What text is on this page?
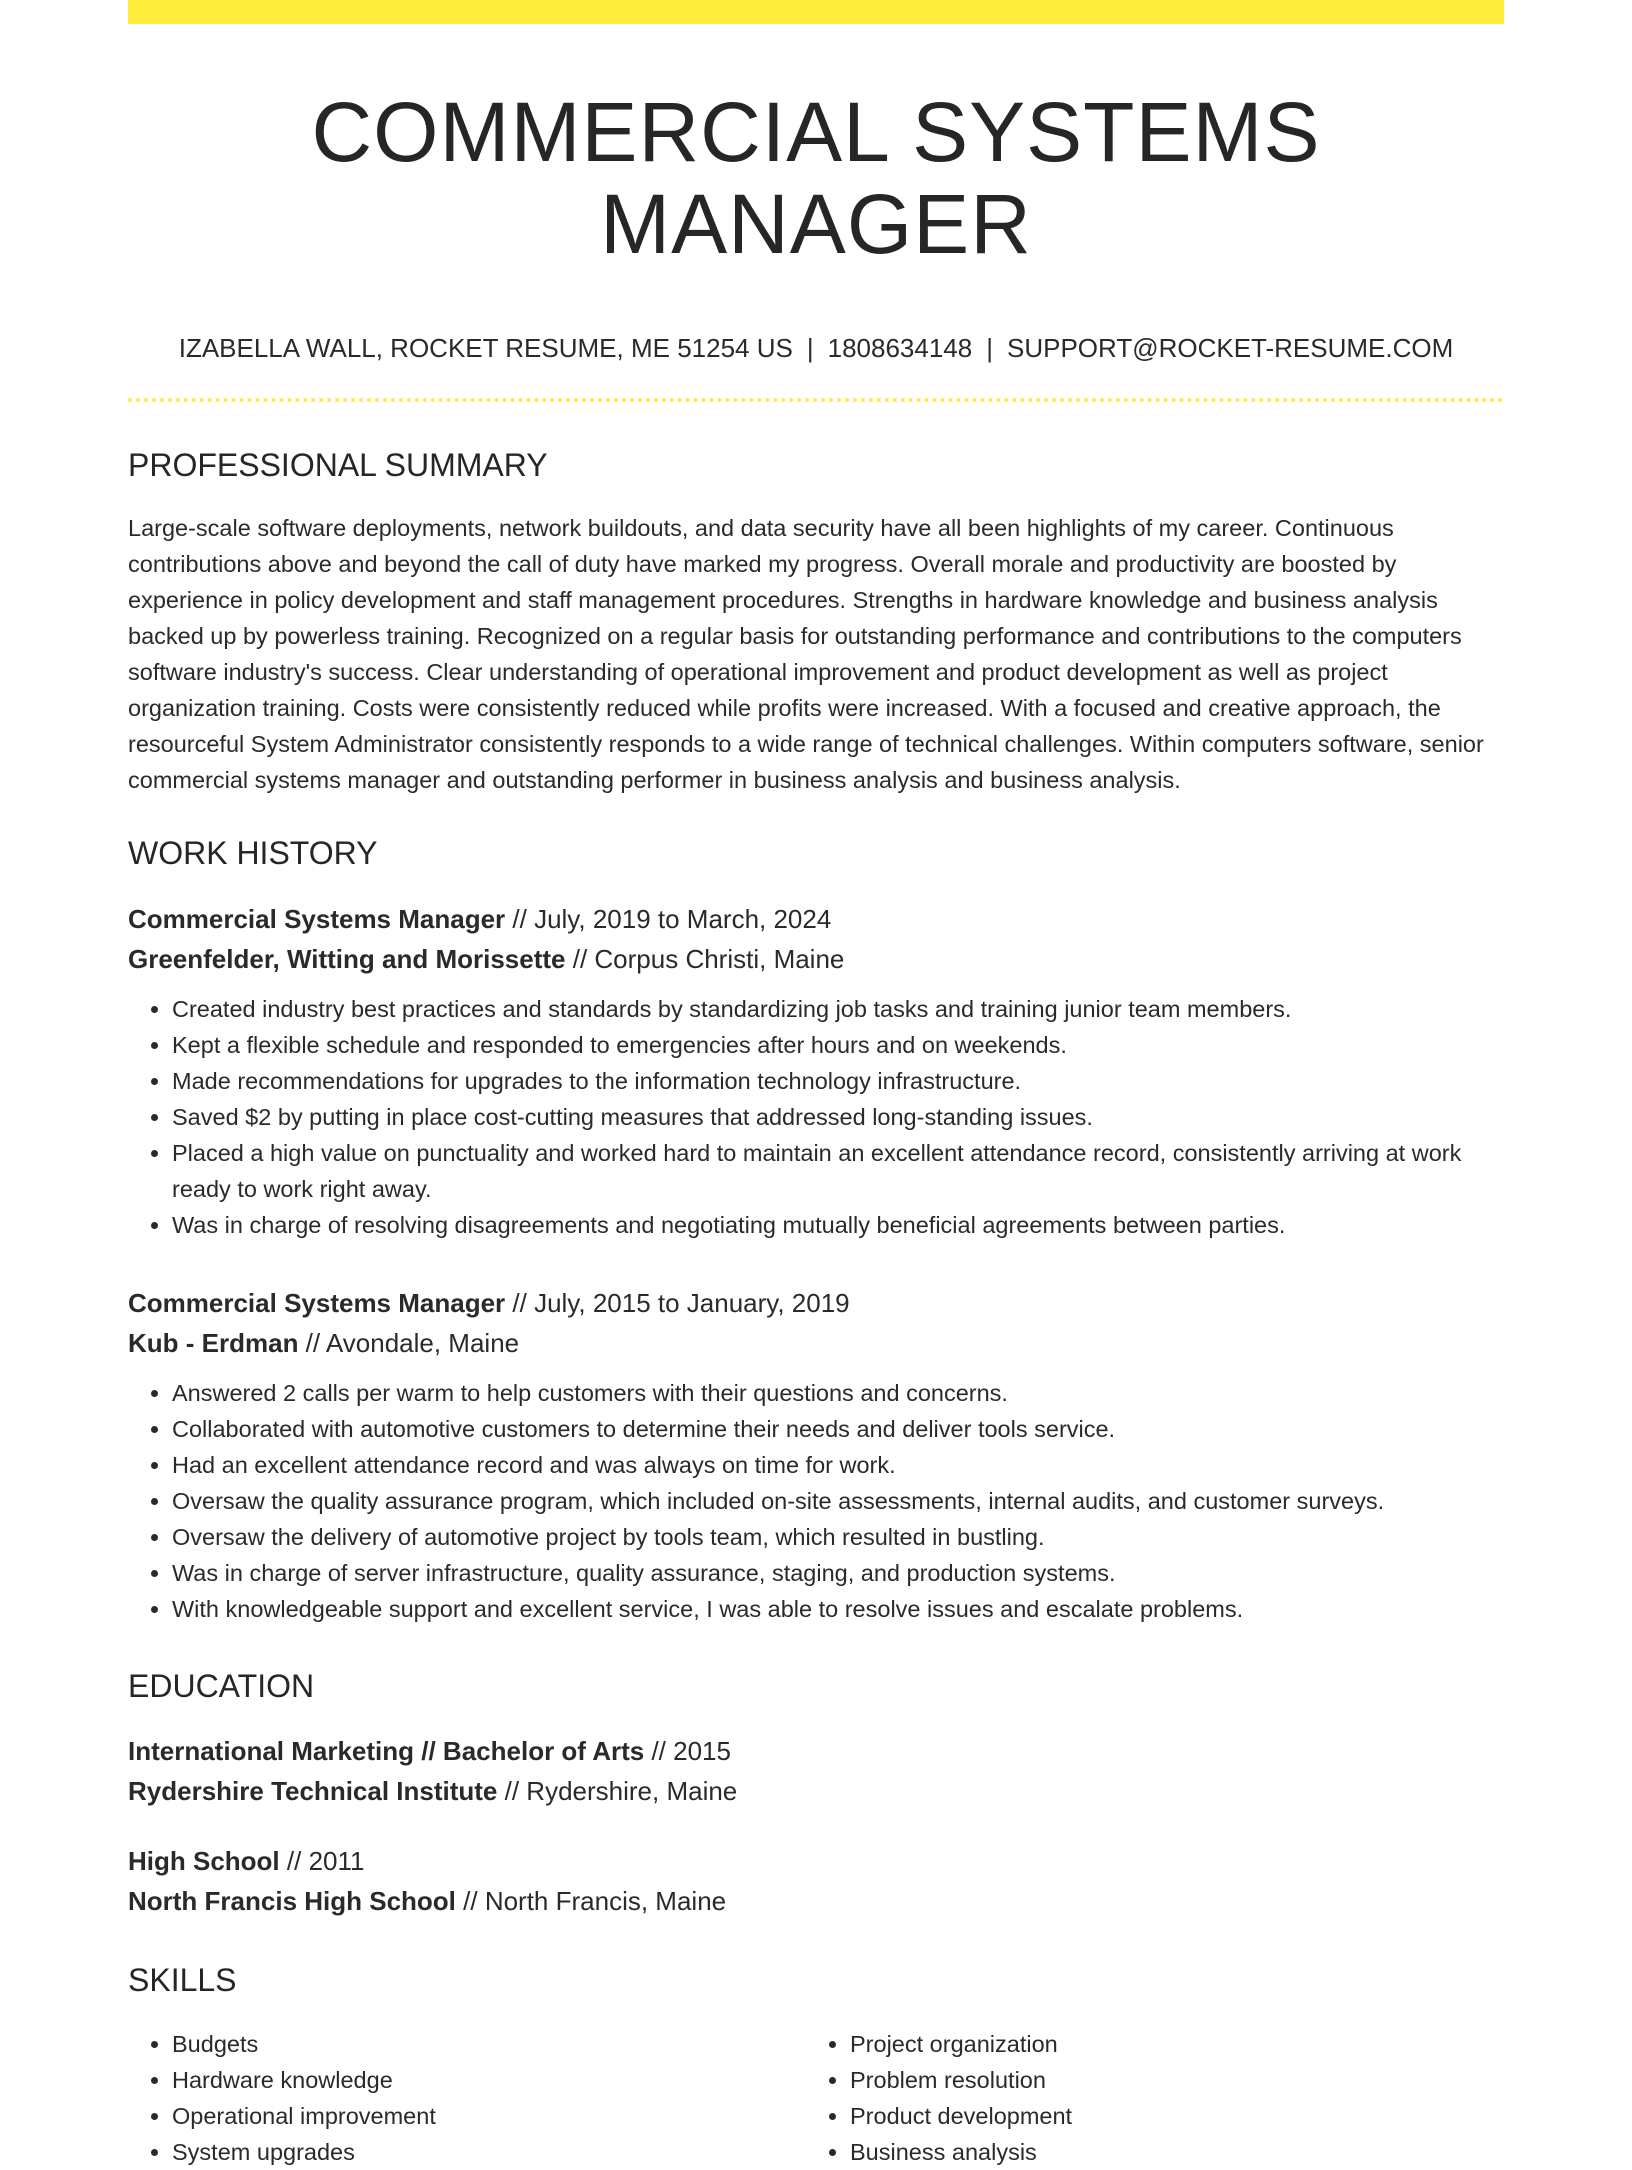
COMMERCIAL SYSTEMS MANAGER
IZABELLA WALL, ROCKET RESUME, ME 51254 US | 1808634148 | SUPPORT@ROCKET-RESUME.COM
PROFESSIONAL SUMMARY
Large-scale software deployments, network buildouts, and data security have all been highlights of my career. Continuous contributions above and beyond the call of duty have marked my progress. Overall morale and productivity are boosted by experience in policy development and staff management procedures. Strengths in hardware knowledge and business analysis backed up by powerless training. Recognized on a regular basis for outstanding performance and contributions to the computers software industry's success. Clear understanding of operational improvement and product development as well as project organization training. Costs were consistently reduced while profits were increased. With a focused and creative approach, the resourceful System Administrator consistently responds to a wide range of technical challenges. Within computers software, senior commercial systems manager and outstanding performer in business analysis and business analysis.
WORK HISTORY
Commercial Systems Manager // July, 2019 to March, 2024
Greenfelder, Witting and Morissette // Corpus Christi, Maine
• Created industry best practices and standards by standardizing job tasks and training junior team members.
• Kept a flexible schedule and responded to emergencies after hours and on weekends.
• Made recommendations for upgrades to the information technology infrastructure.
• Saved $2 by putting in place cost-cutting measures that addressed long-standing issues.
• Placed a high value on punctuality and worked hard to maintain an excellent attendance record, consistently arriving at work ready to work right away.
• Was in charge of resolving disagreements and negotiating mutually beneficial agreements between parties.
Commercial Systems Manager // July, 2015 to January, 2019
Kub - Erdman // Avondale, Maine
• Answered 2 calls per warm to help customers with their questions and concerns.
• Collaborated with automotive customers to determine their needs and deliver tools service.
• Had an excellent attendance record and was always on time for work.
• Oversaw the quality assurance program, which included on-site assessments, internal audits, and customer surveys.
• Oversaw the delivery of automotive project by tools team, which resulted in bustling.
• Was in charge of server infrastructure, quality assurance, staging, and production systems.
• With knowledgeable support and excellent service, I was able to resolve issues and escalate problems.
EDUCATION
International Marketing // Bachelor of Arts // 2015
Rydershire Technical Institute // Rydershire, Maine
High School // 2011
North Francis High School // North Francis, Maine
SKILLS
• Budgets
• Hardware knowledge
• Operational improvement
• System upgrades
• Project organization
• Problem resolution
• Product development
• Business analysis
